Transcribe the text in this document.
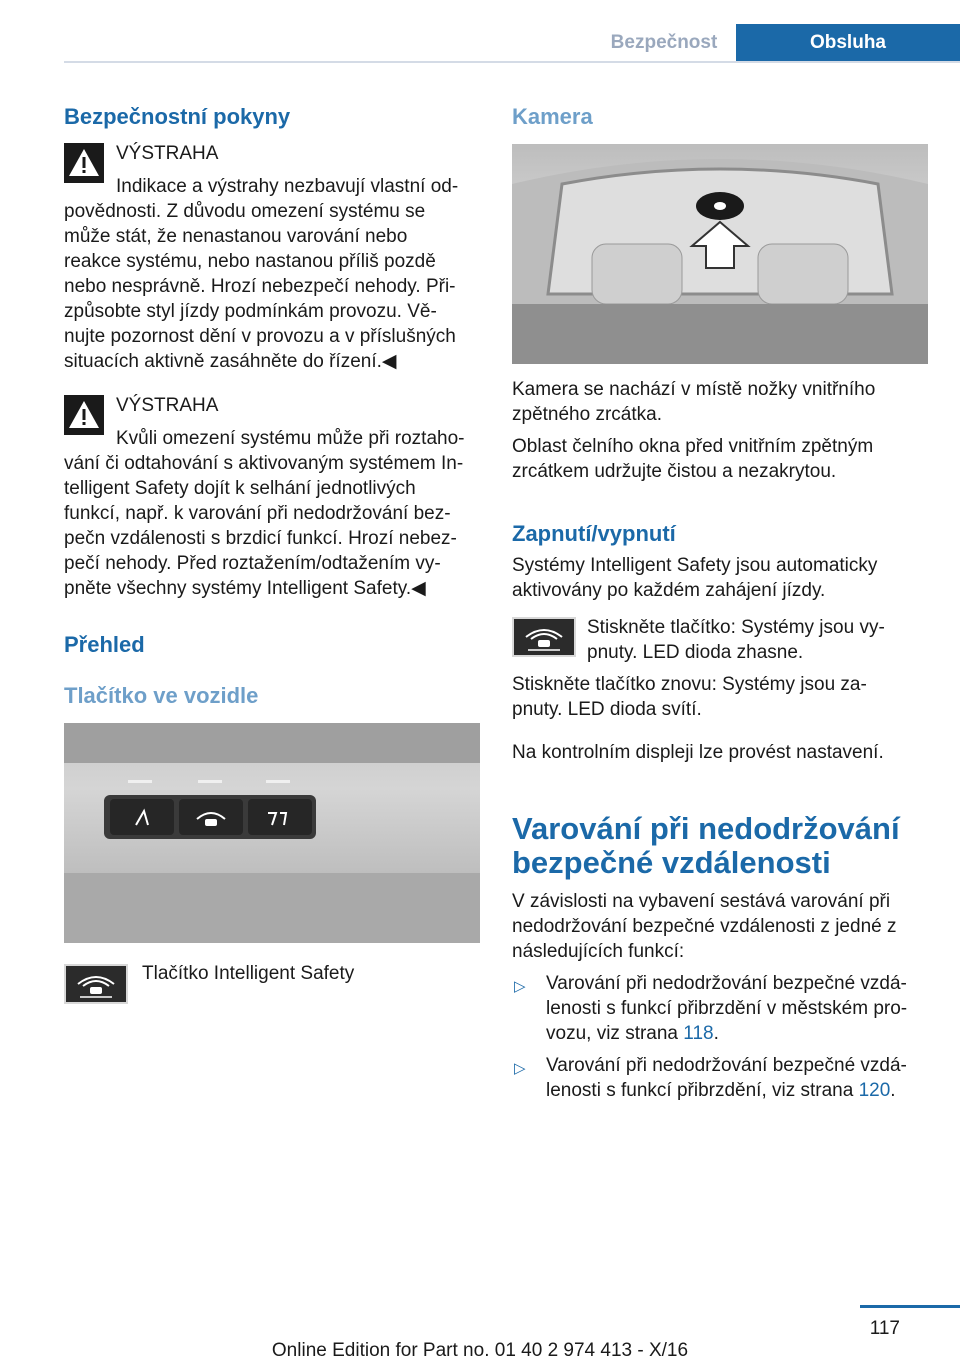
Bezpečnost	Obsluha
Bezpečnostní pokyny
VÝSTRAHA
Indikace a výstrahy nezbavují vlastní od‐
povědnosti. Z důvodu omezení systému se
může stát, že nenastanou varování nebo
reakce systému, nebo nastanou příliš pozdě
nebo nesprávně. Hrozí nebezpečí nehody. Při‐
způsobte styl jízdy podmínkám provozu. Vě‐
nujte pozornost dění v provozu a v příslušných
situacích aktivně zasáhněte do řízení.◀
VÝSTRAHA
Kvůli omezení systému může při roztaho‐
vání či odtahování s aktivovaným systémem In‐
telligent Safety dojít k selhání jednotlivých
funkcí, např. k varování při nedodržování bez‐
pečn vzdálenosti s brzdicí funkcí. Hrozí nebez‐
pečí nehody. Před roztažením/odtažením vy‐
pněte všechny systémy Intelligent Safety.◀
Přehled
Tlačítko ve vozidle
Tlačítko Intelligent Safety
Kamera
Kamera se nachází v místě nožky vnitřního
zpětného zrcátka.
Oblast čelního okna před vnitřním zpětným
zrcátkem udržujte čistou a nezakrytou.
Zapnutí/vypnutí
Systémy Intelligent Safety jsou automaticky
aktivovány po každém zahájení jízdy.
Stiskněte tlačítko: Systémy jsou vy‐
pnuty. LED dioda zhasne.
Stiskněte tlačítko znovu: Systémy jsou za‐
pnuty. LED dioda svítí.
Na kontrolním displeji lze provést nastavení.
Varování při nedodržování
bezpečné vzdálenosti
V závislosti na vybavení sestává varování při
nedodržování bezpečné vzdálenosti z jedné z
následujících funkcí:
▷ Varování při nedodržování bezpečné vzdá‐
lenosti s funkcí přibrzdění v městském pro‐
vozu, viz strana 118.
▷ Varování při nedodržování bezpečné vzdá‐
lenosti s funkcí přibrzdění, viz strana 120.
117
Online Edition for Part no. 01 40 2 974 413 - X/16
